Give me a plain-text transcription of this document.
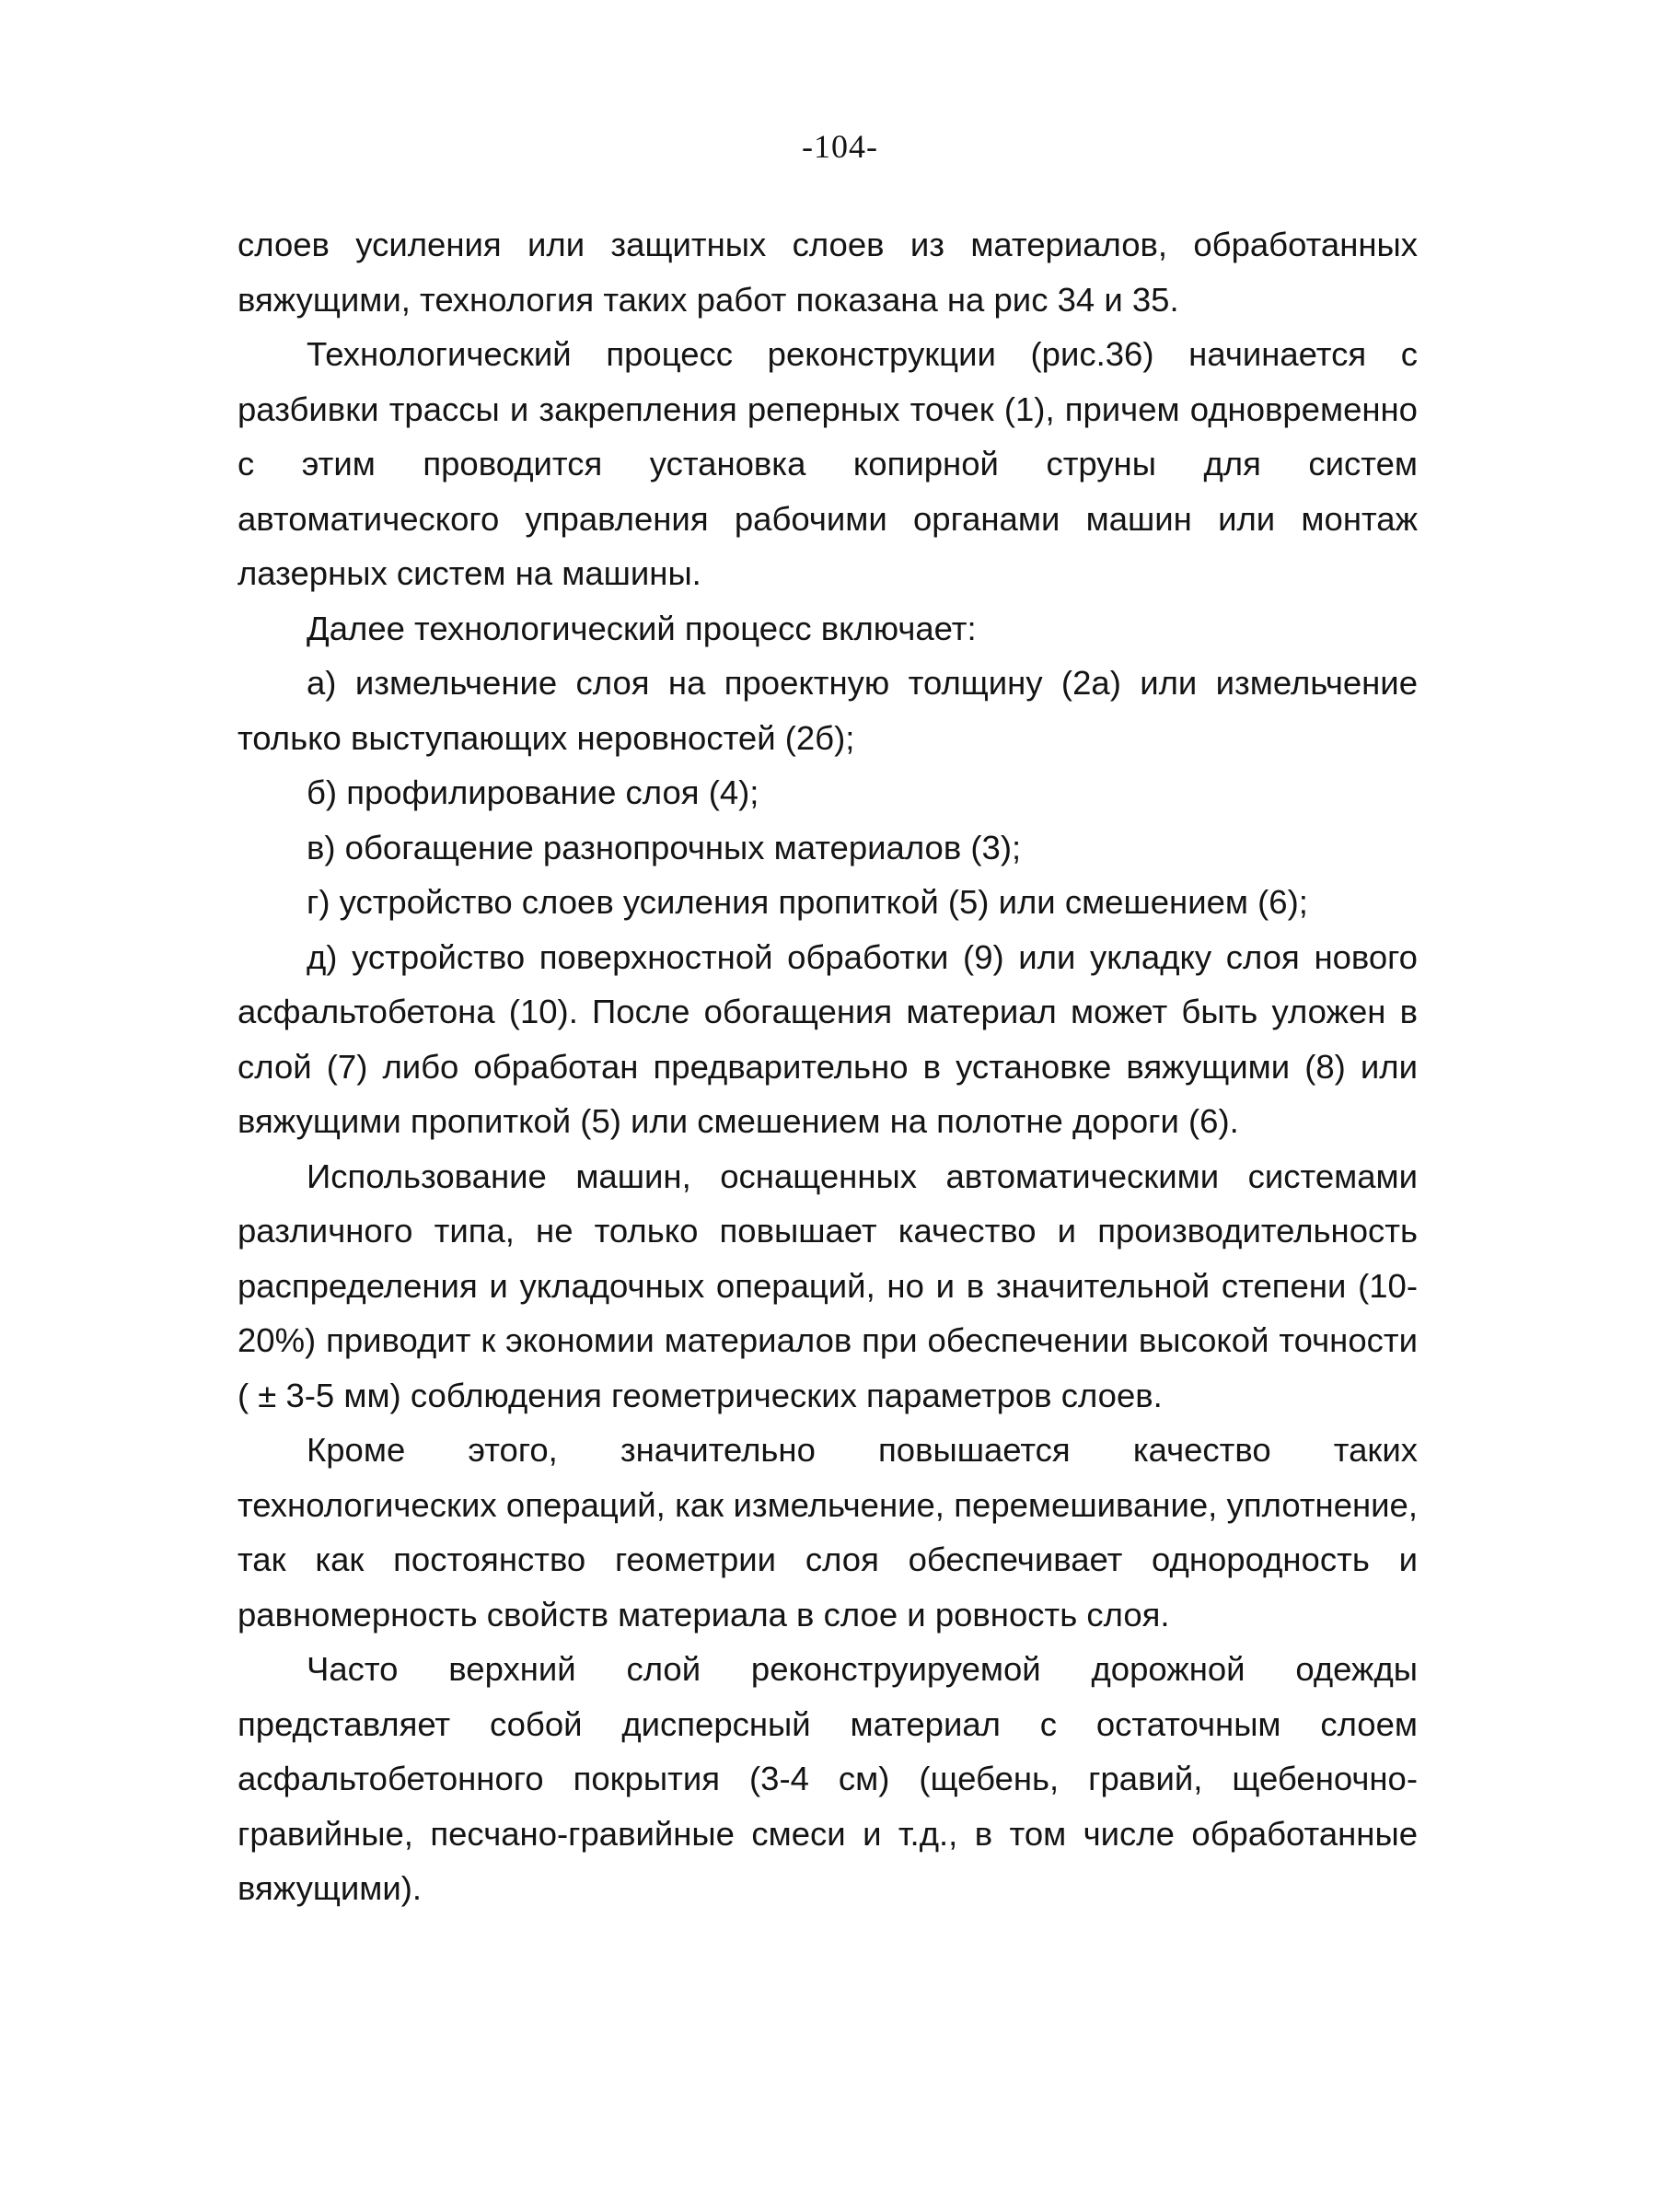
-104-

слоев усиления или защитных слоев из материалов, обработанных вяжущими, технология таких работ показана на рис 34 и 35.

Технологический процесс реконструкции (рис.36) начинается с разбивки трассы и закрепления реперных точек (1), причем одновременно с этим проводится установка копирной струны для систем автоматического управления рабочими органами машин или монтаж лазерных систем на машины.

Далее технологический процесс включает:

а) измельчение слоя на проектную толщину (2а) или измельчение только выступающих неровностей (2б);

б) профилирование слоя (4);

в) обогащение разнопрочных материалов (3);

г) устройство слоев усиления пропиткой (5) или смешением (6);

д) устройство поверхностной обработки (9) или укладку слоя нового асфальтобетона (10). После обогащения материал может быть уложен в слой (7) либо обработан предварительно в установке вяжущими (8) или вяжущими пропиткой (5) или смешением на полотне дороги (6).

Использование машин, оснащенных автоматическими системами различного типа, не только повышает качество и производительность распределения и укладочных операций, но и в значительной степени (10-20%) приводит к экономии материалов при обеспечении высокой точности ( ± 3-5 мм) соблюдения геометрических параметров слоев.

Кроме этого, значительно повышается качество таких технологических операций, как измельчение, перемешивание, уплотнение, так как постоянство геометрии слоя обеспечивает однородность и равномерность свойств материала в слое и ровность слоя.

Часто верхний слой реконструируемой дорожной одежды представляет собой дисперсный материал с остаточным слоем асфальтобетонного покрытия (3-4 см) (щебень, гравий, щебеночно-гравийные, песчано-гравийные смеси и т.д., в том числе обработанные вяжущими).
